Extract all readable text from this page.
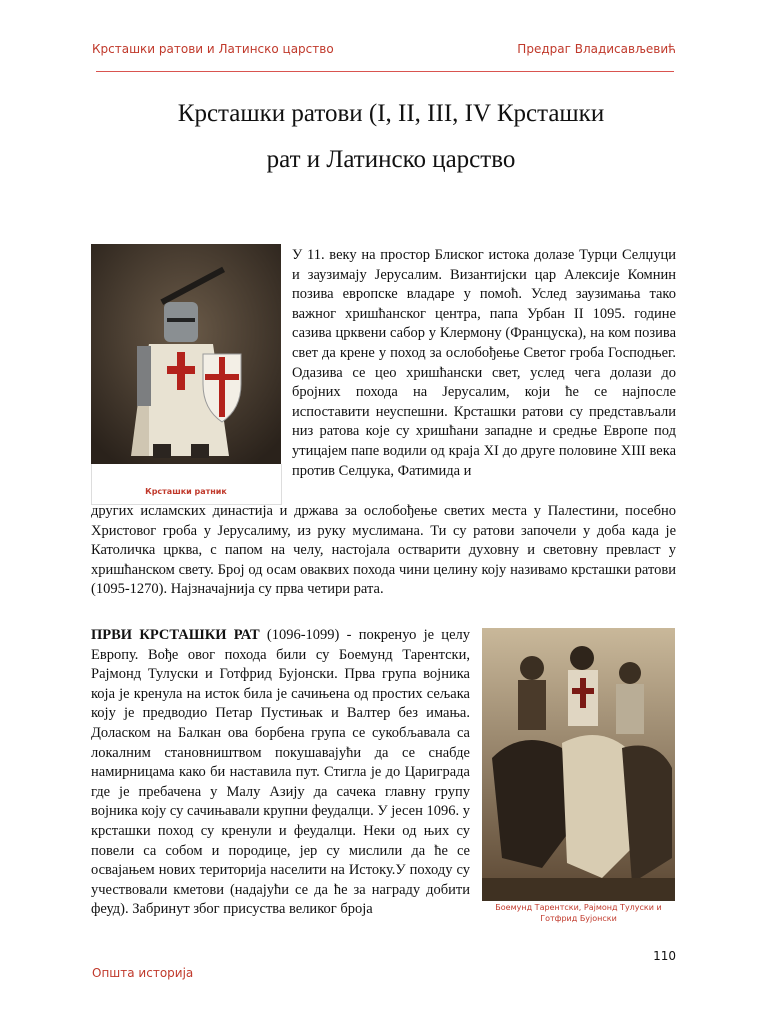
Крсташки ратови и Латинско царство	Предраг Владисављевић
Крсташки ратови (I, II, III, IV Крсташки
рат и Латинско царство
Крсташки ратник
У 11. веку на простор Блиског истока долазе Турци Селџуци и заузимају Јерусалим. Византијски цар Алексије Комнин позива европске владаре у помоћ. Услед заузимања тако важног хришћанског центра, папа Урбан II 1095. године сазива црквени сабор у Клермону (Француска), на ком позива свет да крене у поход за ослобођење Светог гроба Господњег. Одазива се цео хришћански свет, услед чега долази до бројних похода на Јерусалим, који ће се најпосле испоставити неуспешни. Крсташки ратови су представљали низ ратова које су хришћани западне и средње Европе под утицајем папе водили од краја XI до друге половине XIII века против Селџука, Фатимида и
других исламских династија и држава за ослобођење светих места у Палестини, посебно Христовог гроба у Јерусалиму, из руку муслимана. Ти су ратови започели у доба када је Католичка црква, с папом на челу, настојала остварити духовну и световну превласт у хришћанском свету. Број од осам оваквих похода чини целину коју називамо крсташки ратови (1095-1270). Најзначајнија су прва четири рата.
ПРВИ КРСТАШКИ РАТ (1096-1099) - покренуо је целу Европу. Вође овог похода били су Боемунд Тарентски, Рајмонд Тулуски и Готфрид Бујонски. Прва група војника која је кренула на исток била је сачињена од простих сељака коју је предводио Петар Пустињак и Валтер без имања. Доласком на Балкан ова борбена група се сукобљавала са локалним становништвом покушавајући да се снабде намирницама како би наставила пут. Стигла је до Цариграда где је пребачена у Малу Азију да сачека главну групу војника коју су сачињавали крупни феудалци. У јесен 1096. у крсташки поход су кренули и феудалци. Неки од њих су повели са собом и породице, јер су мислили да ће се освајањем нових територија населити на Истоку.У походу су учествовали кметови (надајући се да ће за награду добити феуд). Забринут због присуства великог броја	Боемунд Тарентски, Рајмонд Тулуски и Готфрид Бујонски
110
Општа историја
